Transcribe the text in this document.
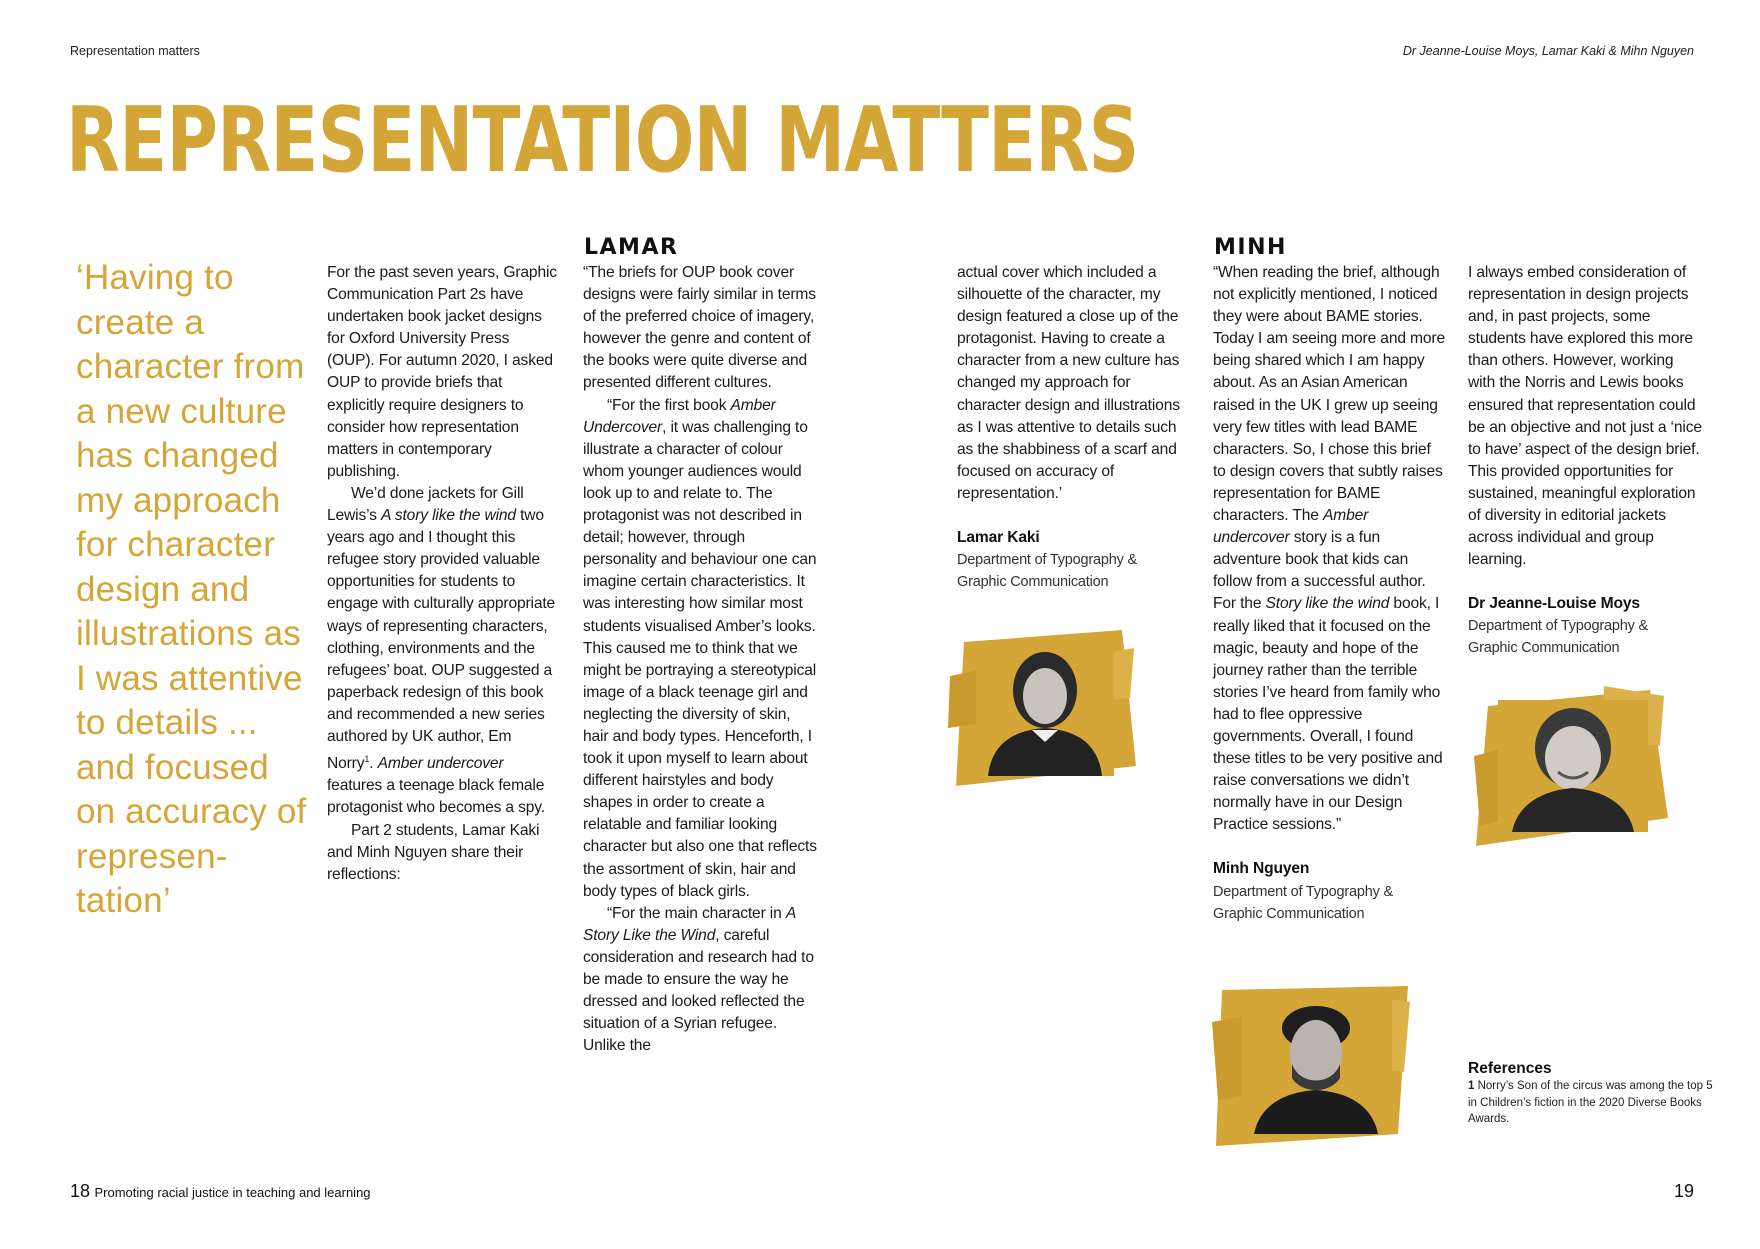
Representation matters	Dr Jeanne-Louise Moys, Lamar Kaki & Mihn Nguyen
REPRESENTATION MATTERS
‘Having to create a character from a new culture has changed my approach for character design and illustrations as I was attentive to details ... and focused on accuracy of represen-tation’

For the past seven years, Graphic Communication Part 2s have undertaken book jacket designs for Oxford University Press (OUP). For autumn 2020, I asked OUP to provide briefs that explicitly require designers to consider how representation matters in contemporary publishing.

We’d done jackets for Gill Lewis’s A story like the wind two years ago and I thought this refugee story provided valuable opportunities for students to engage with culturally appropriate ways of representing characters, clothing, environments and the refugees’ boat. OUP suggested a paperback redesign of this book and recommended a new series authored by UK author, Em Norry$^1$. Amber undercover features a teenage black female protagonist who becomes a spy.

Part 2 students, Lamar Kaki and Minh Nguyen share their reflections:

LAMAR

“The briefs for OUP book cover designs were fairly similar in terms of the preferred choice of imagery, however the genre and content of the books were quite diverse and presented different cultures.

“For the first book Amber Undercover, it was challenging to illustrate a character of colour whom younger audiences would look up to and relate to. The protagonist was not described in detail; however, through personality and behaviour one can imagine certain characteristics. It was interesting how similar most students visualised Amber’s looks. This caused me to think that we might be portraying a stereotypical image of a black teenage girl and neglecting the diversity of skin, hair and body types. Henceforth, I took it upon myself to learn about different hairstyles and body shapes in order to create a relatable and familiar looking character but also one that reflects the assortment of skin, hair and body types of black girls.

“For the main character in A Story Like the Wind, careful consideration and research had to be made to ensure the way he dressed and looked reflected the situation of a Syrian refugee. Unlike the

actual cover which included a silhouette of the character, my design featured a close up of the protagonist. Having to create a character from a new culture has changed my approach for character design and illustrations as I was attentive to details such as the shabbiness of a scarf and focused on accuracy of representation.’

Lamar Kaki
Department of Typography &
Graphic Communication
MINH

“When reading the brief, although not explicitly mentioned, I noticed they were about BAME stories. Today I am seeing more and more being shared which I am happy about. As an Asian American raised in the UK I grew up seeing very few titles with lead BAME characters. So, I chose this brief to design covers that subtly raises representation for BAME characters. The Amber undercover story is a fun adventure book that kids can follow from a successful author. For the Story like the wind book, I really liked that it focused on the magic, beauty and hope of the journey rather than the terrible stories I’ve heard from family who had to flee oppressive governments. Overall, I found these titles to be very positive and raise conversations we didn’t normally have in our Design Practice sessions.”

Minh Nguyen
Department of Typography &
Graphic Communication

I always embed consideration of representation in design projects and, in past projects, some students have explored this more than others. However, working with the Norris and Lewis books ensured that representation could be an objective and not just a ‘nice to have’ aspect of the design brief. This provided opportunities for sustained, meaningful exploration of diversity in editorial jackets across individual and group learning.

Dr Jeanne-Louise Moys
Department of Typography &
Graphic Communication
References
1 Norry’s Son of the circus was among the top 5 in Children’s fiction in the 2020 Diverse Books Awards.
18 Promoting racial justice in teaching and learning	19
